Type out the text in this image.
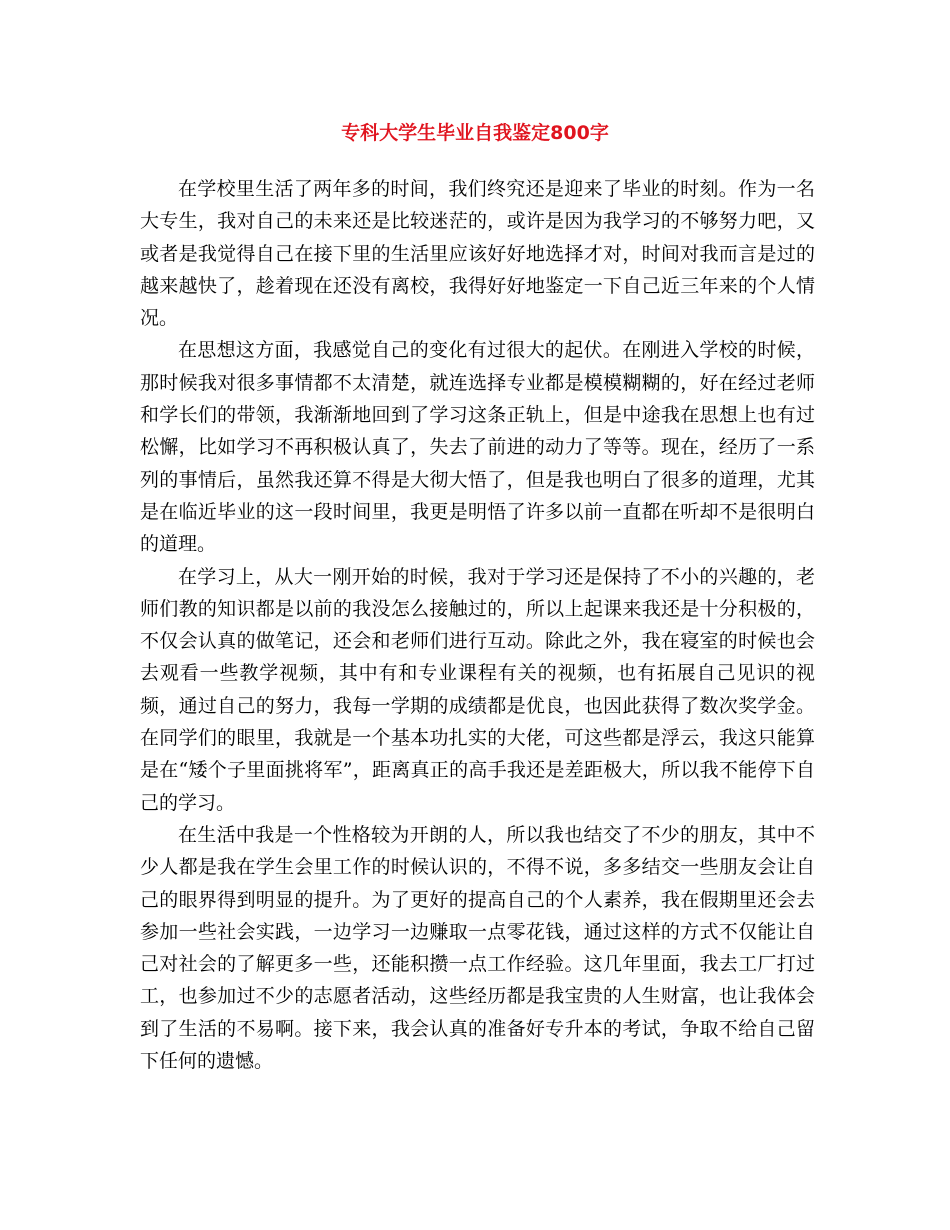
专科大学生毕业自我鉴定800字

在学校里生活了两年多的时间，我们终究还是迎来了毕业的时刻。作为一名大专生，我对自己的未来还是比较迷茫的，或许是因为我学习的不够努力吧，又或者是我觉得自己在接下里的生活里应该好好地选择才对，时间对我而言是过的越来越快了，趁着现在还没有离校，我得好好地鉴定一下自己近三年来的个人情况。

在思想这方面，我感觉自己的变化有过很大的起伏。在刚进入学校的时候，那时候我对很多事情都不太清楚，就连选择专业都是模模糊糊的，好在经过老师和学长们的带领，我渐渐地回到了学习这条正轨上，但是中途我在思想上也有过松懈，比如学习不再积极认真了，失去了前进的动力了等等。现在，经历了一系列的事情后，虽然我还算不得是大彻大悟了，但是我也明白了很多的道理，尤其是在临近毕业的这一段时间里，我更是明悟了许多以前一直都在听却不是很明白的道理。

在学习上，从大一刚开始的时候，我对于学习还是保持了不小的兴趣的，老师们教的知识都是以前的我没怎么接触过的，所以上起课来我还是十分积极的，不仅会认真的做笔记，还会和老师们进行互动。除此之外，我在寝室的时候也会去观看一些教学视频，其中有和专业课程有关的视频，也有拓展自己见识的视频，通过自己的努力，我每一学期的成绩都是优良，也因此获得了数次奖学金。在同学们的眼里，我就是一个基本功扎实的大佬，可这些都是浮云，我这只能算是在“矮个子里面挑将军”，距离真正的高手我还是差距极大，所以我不能停下自己的学习。

在生活中我是一个性格较为开朗的人，所以我也结交了不少的朋友，其中不少人都是我在学生会里工作的时候认识的，不得不说，多多结交一些朋友会让自己的眼界得到明显的提升。为了更好的提高自己的个人素养，我在假期里还会去参加一些社会实践，一边学习一边赚取一点零花钱，通过这样的方式不仅能让自己对社会的了解更多一些，还能积攒一点工作经验。这几年里面，我去工厂打过工，也参加过不少的志愿者活动，这些经历都是我宝贵的人生财富，也让我体会到了生活的不易啊。接下来，我会认真的准备好专升本的考试，争取不给自己留下任何的遗憾。
